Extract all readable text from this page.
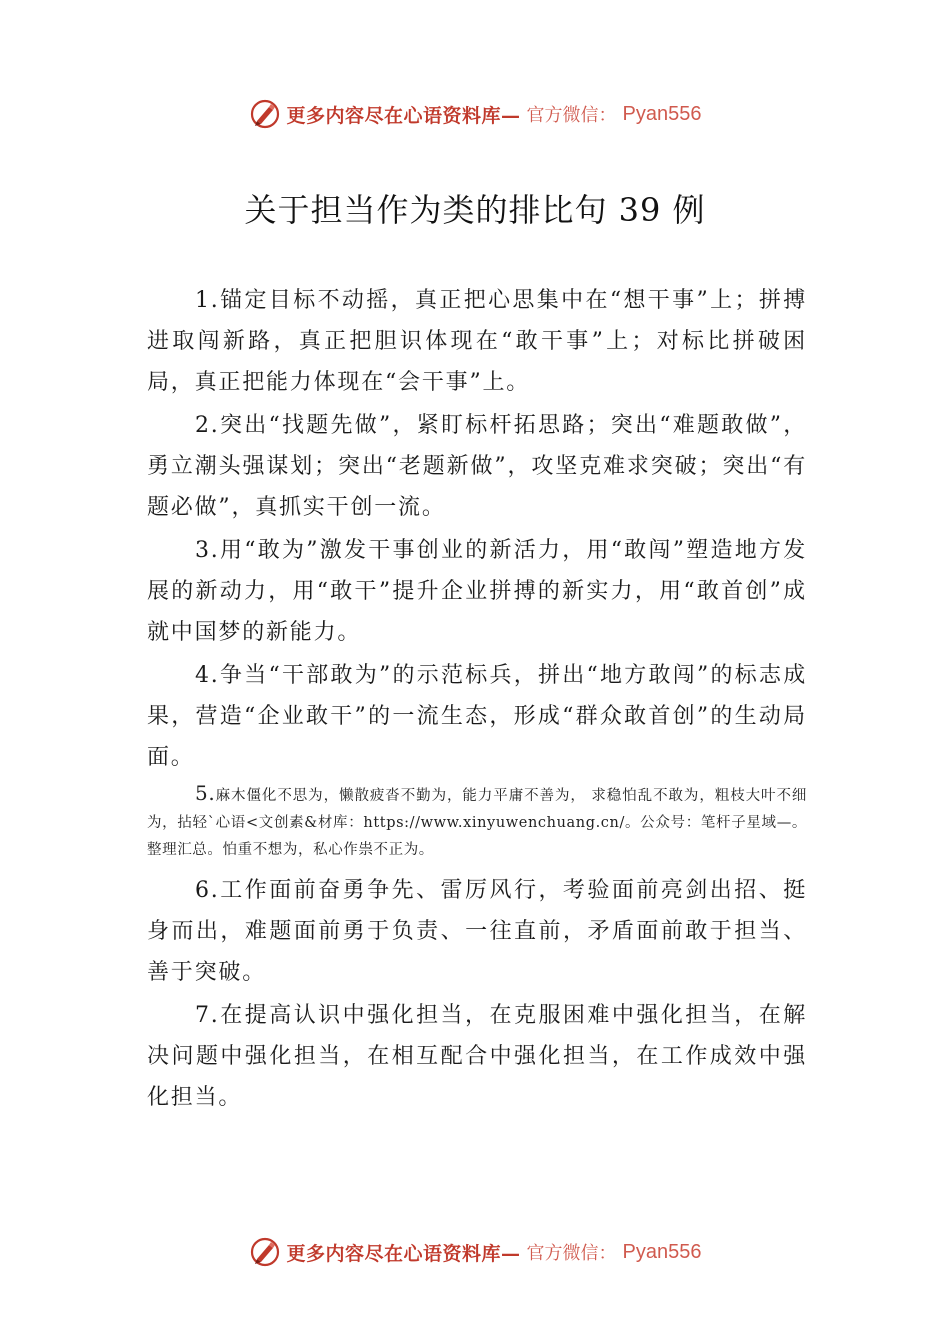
更多内容尽在心语资料库— 官方微信： Pyan556
关于担当作为类的排比句 39 例

1.锚定目标不动摇，真正把心思集中在“想干事”上；拼搏进取闯新路，真正把胆识体现在“敢干事”上；对标比拼破困局，真正把能力体现在“会干事”上。

2.突出“找题先做”，紧盯标杆拓思路；突出“难题敢做”，勇立潮头强谋划；突出“老题新做”，攻坚克难求突破；突出“有题必做”，真抓实干创一流。

3.用“敢为”激发干事创业的新活力，用“敢闯”塑造地方发展的新动力，用“敢干”提升企业拼搏的新实力，用“敢首创”成就中国梦的新能力。

4.争当“干部敢为”的示范标兵，拼出“地方敢闯”的标志成果，营造“企业敢干”的一流生态，形成“群众敢首创”的生动局面。

5.麻木僵化不思为，懒散疲沓不勤为，能力平庸不善为， 求稳怕乱不敢为，粗枝大叶不细为，拈轻`心语<文创素&材库：https://www.xinyuwenchuang.cn/。公众号：笔杆子星域—。整理汇总。怕重不想为，私心作祟不正为。

6.工作面前奋勇争先、雷厉风行，考验面前亮剑出招、挺身而出，难题面前勇于负责、一往直前，矛盾面前敢于担当、善于突破。

7.在提高认识中强化担当，在克服困难中强化担当，在解决问题中强化担当，在相互配合中强化担当，在工作成效中强化担当。

更多内容尽在心语资料库— 官方微信： Pyan556
